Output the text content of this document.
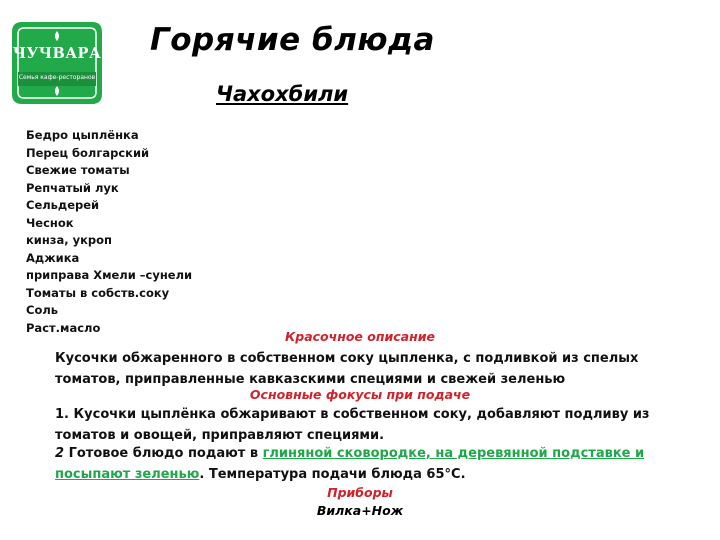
ЧУЧВАРА
Семья кафе-ресторанов
Горячие блюда
Чахохбили
Бедро цыплёнка
Перец болгарский
Свежие томаты
Репчатый лук
Сельдерей
Чеснок
кинза, укроп
Аджика
приправа Хмели –сунели
Томаты в собств.соку
Соль
Раст.масло
Красочное описание
Кусочки обжаренного в собственном соку цыпленка, с подливкой из спелых томатов, приправленные кавказскими специями и свежей зеленью
Основные фокусы при подаче
1. Кусочки цыплёнка обжаривают в собственном соку, добавляют подливу из томатов и овощей, приправляют специями.
2 Готовое блюдо подают в глиняной сковородке, на деревянной подставке и посыпают зеленью. Температура подачи блюда 65°С.
Приборы
Вилка+Нож
